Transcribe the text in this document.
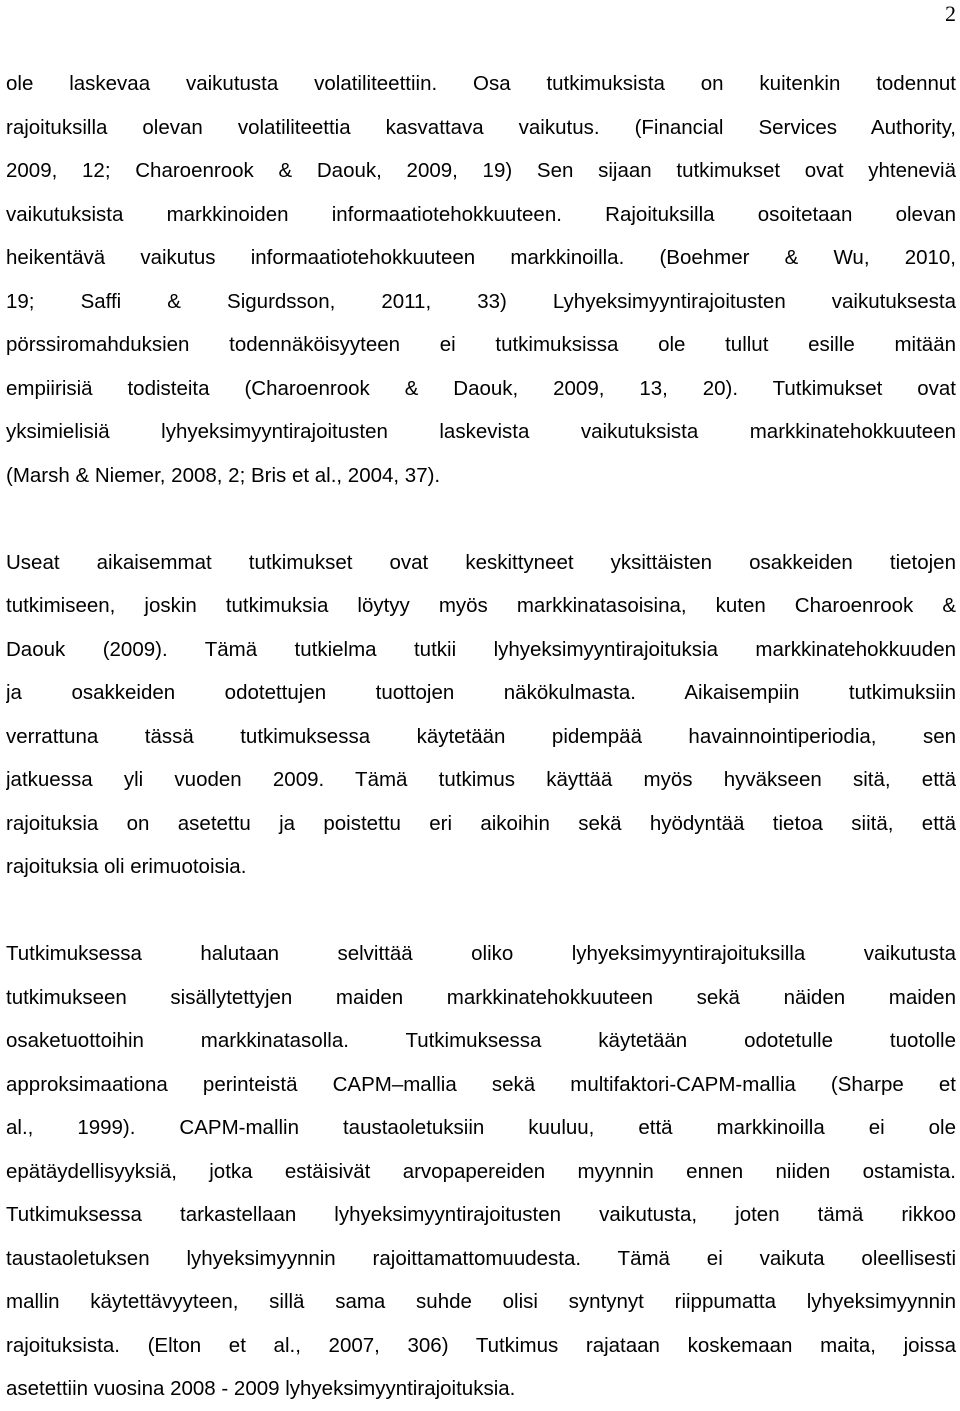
2
ole laskevaa vaikutusta volatiliteettiin. Osa tutkimuksista on kuitenkin todennut
rajoituksilla olevan volatiliteettia kasvattava vaikutus. (Financial Services Authority,
2009, 12; Charoenrook & Daouk, 2009, 19) Sen sijaan tutkimukset ovat yhteneviä
vaikutuksista markkinoiden informaatiotehokkuuteen. Rajoituksilla osoitetaan olevan
heikentävä vaikutus informaatiotehokkuuteen markkinoilla. (Boehmer & Wu, 2010,
19; Saffi & Sigurdsson, 2011, 33) Lyhyeksimyyntirajoitusten vaikutuksesta
pörssiromahduksien todennäköisyyteen ei tutkimuksissa ole tullut esille mitään
empiirisiä todisteita (Charoenrook & Daouk, 2009, 13, 20). Tutkimukset ovat
yksimielisiä lyhyeksimyyntirajoitusten laskevista vaikutuksista markkinatehokkuuteen
(Marsh & Niemer, 2008, 2; Bris et al., 2004, 37).
Useat aikaisemmat tutkimukset ovat keskittyneet yksittäisten osakkeiden tietojen
tutkimiseen, joskin tutkimuksia löytyy myös markkinatasoisina, kuten Charoenrook &
Daouk (2009). Tämä tutkielma tutkii lyhyeksimyyntirajoituksia markkinatehokkuuden
ja osakkeiden odotettujen tuottojen näkökulmasta. Aikaisempiin tutkimuksiin
verrattuna tässä tutkimuksessa käytetään pidempää havainnointiperiodia, sen
jatkuessa yli vuoden 2009. Tämä tutkimus käyttää myös hyväkseen sitä, että
rajoituksia on asetettu ja poistettu eri aikoihin sekä hyödyntää tietoa siitä, että
rajoituksia oli erimuotoisia.
Tutkimuksessa halutaan selvittää oliko lyhyeksimyyntirajoituksilla vaikutusta
tutkimukseen sisällytettyjen maiden markkinatehokkuuteen sekä näiden maiden
osaketuottoihin markkinatasolla. Tutkimuksessa käytetään odotetulle tuotolle
approksimaationa perinteistä CAPM–mallia sekä multifaktori-CAPM-mallia (Sharpe et
al., 1999). CAPM-mallin taustaoletuksiin kuuluu, että markkinoilla ei ole
epätäydellisyyksiä, jotka estäisivät arvopapereiden myynnin ennen niiden ostamista.
Tutkimuksessa tarkastellaan lyhyeksimyyntirajoitusten vaikutusta, joten tämä rikkoo
taustaoletuksen lyhyeksimyynnin rajoittamattomuudesta. Tämä ei vaikuta oleellisesti
mallin käytettävyyteen, sillä sama suhde olisi syntynyt riippumatta lyhyeksimyynnin
rajoituksista. (Elton et al., 2007, 306) Tutkimus rajataan koskemaan maita, joissa
asetettiin vuosina 2008 - 2009 lyhyeksimyyntirajoituksia.
